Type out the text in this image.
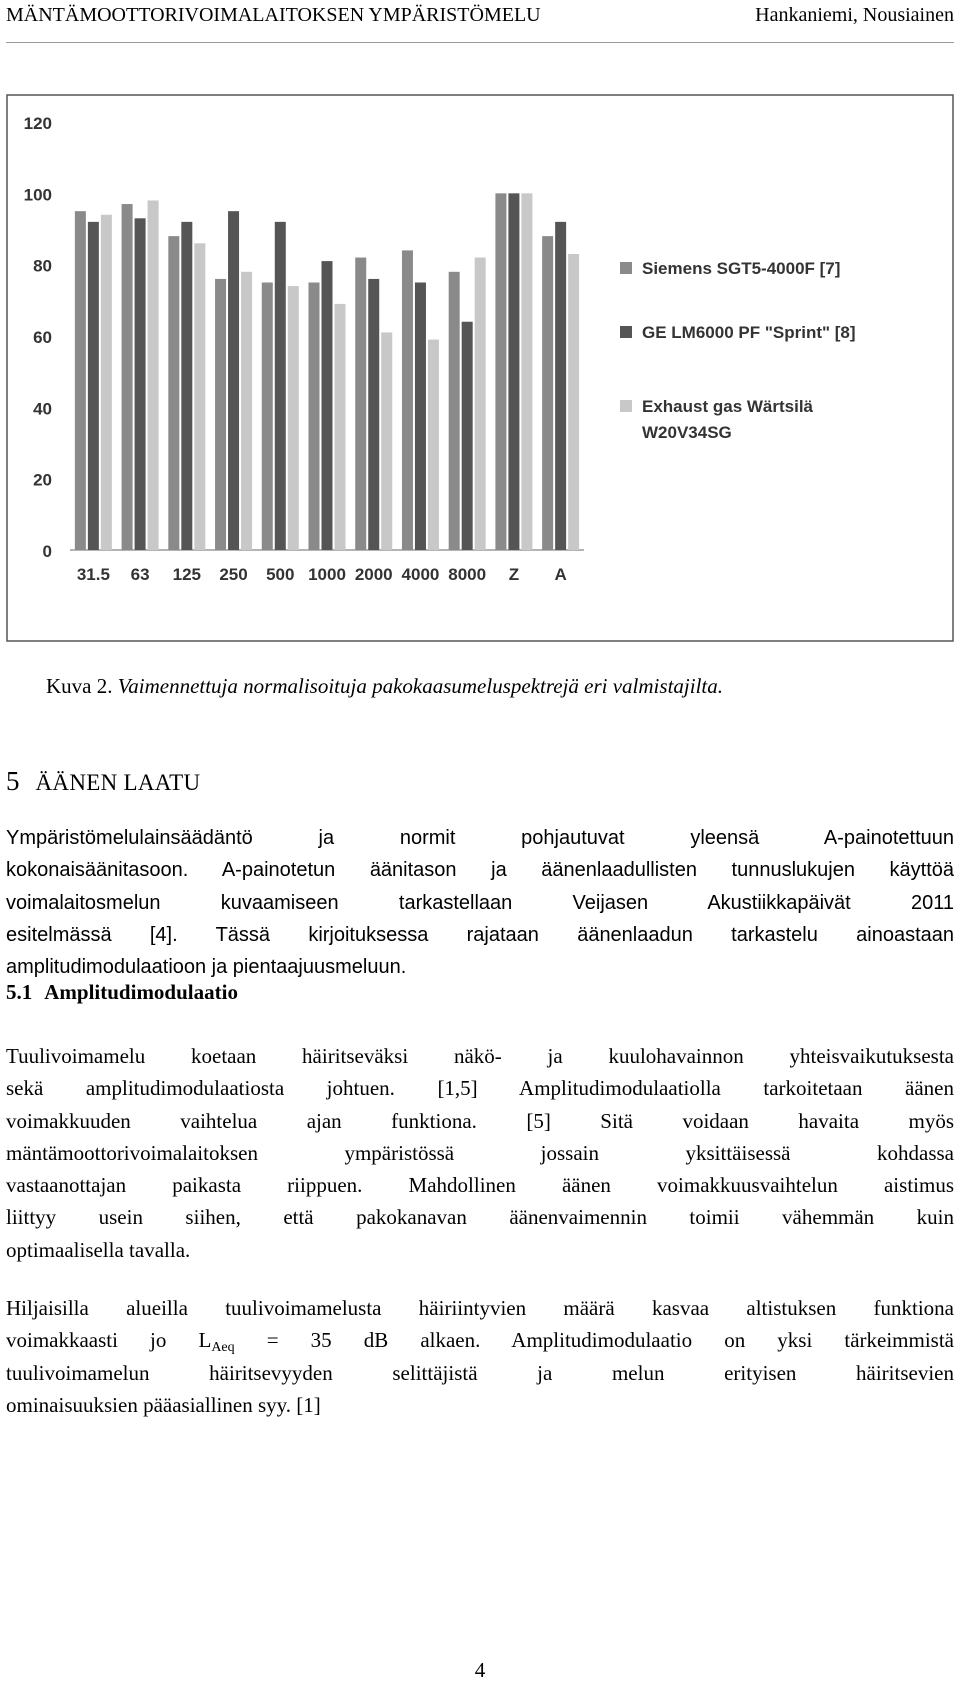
MÄNTÄMOOTTORIVOIMALAITOKSEN YMPÄRISTÖMELU	Hankaniemi, Nousiainen
0
20
40
60
80
100
120
31.5 63 125 250 500 1000 2000 4000 8000 Z A
Siemens SGT5-4000F [7]
GE LM6000 PF "Sprint" [8]
Exhaust gas Wärtsilä
W20V34SG
Kuva 2. Vaimennettuja normalisoituja pakokaasumeluspektrejä eri valmistajilta.
5 ÄÄNEN LAATU
Ympäristömelulainsäädäntö ja normit pohjautuvat yleensä A-painotettuun
kokonaisäänitasoon. A-painotetun äänitason ja äänenlaadullisten tunnuslukujen käyttöä
voimalaitosmelun kuvaamiseen tarkastellaan Veijasen Akustiikkapäivät 2011
esitelmässä [4]. Tässä kirjoituksessa rajataan äänenlaadun tarkastelu ainoastaan
amplitudimodulaatioon ja pientaajuusmeluun.
5.1 Amplitudimodulaatio
Tuulivoimamelu koetaan häiritseväksi näkö- ja kuulohavainnon yhteisvaikutuksesta
sekä amplitudimodulaatiosta johtuen. [1,5] Amplitudimodulaatiolla tarkoitetaan äänen
voimakkuuden vaihtelua ajan funktiona. [5] Sitä voidaan havaita myös
mäntämoottorivoimalaitoksen ympäristössä jossain yksittäisessä kohdassa
vastaanottajan paikasta riippuen. Mahdollinen äänen voimakkuusvaihtelun aistimus
liittyy usein siihen, että pakokanavan äänenvaimennin toimii vähemmän kuin
optimaalisella tavalla.
Hiljaisilla alueilla tuulivoimamelusta häiriintyvien määrä kasvaa altistuksen funktiona
voimakkaasti jo $L_{Aeq} = 35$ dB alkaen. Amplitudimodulaatio on yksi tärkeimmistä
tuulivoimamelun häiritsevyyden selittäjistä ja melun erityisen häiritsevien
ominaisuuksien pääasiallinen syy. [1]
4
